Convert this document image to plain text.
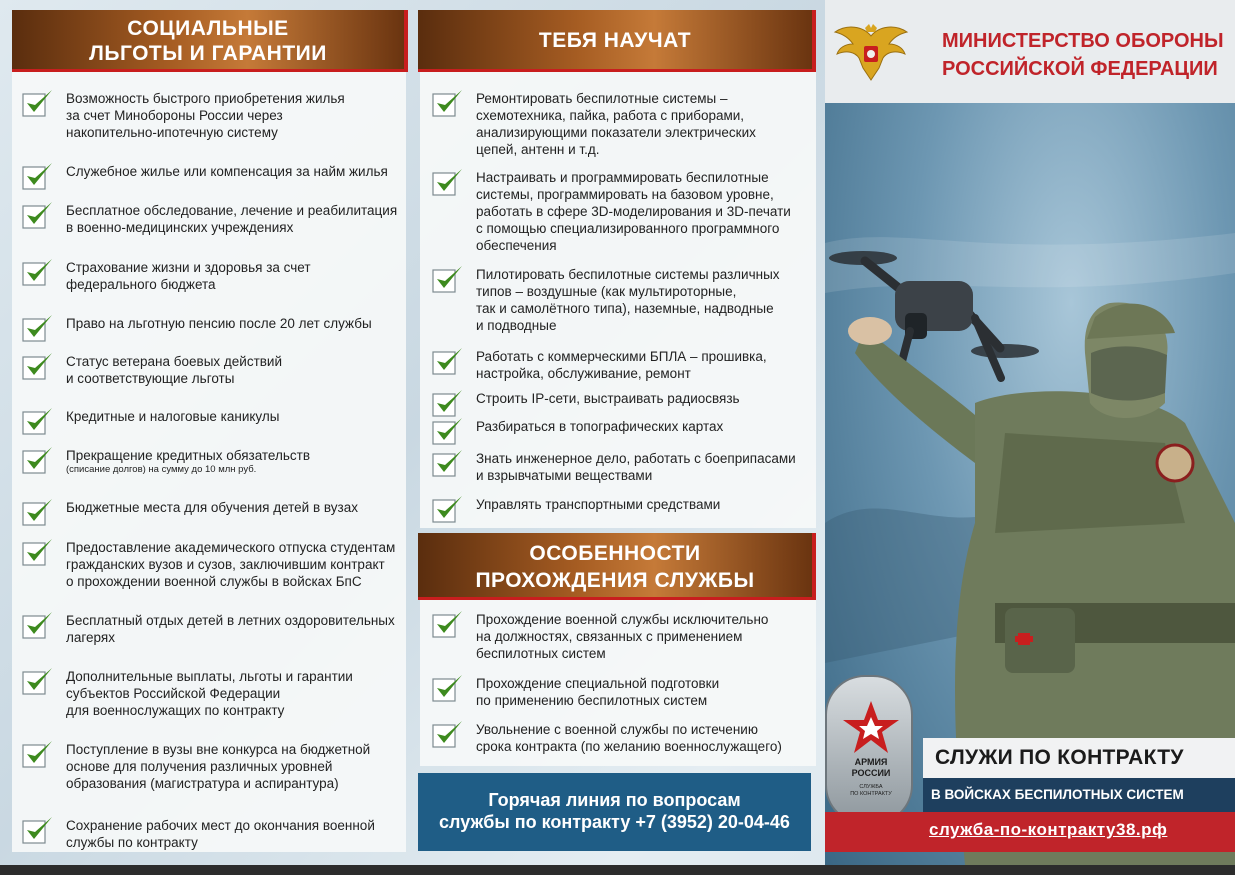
СОЦИАЛЬНЫЕ
ЛЬГОТЫ И ГАРАНТИИ
Возможность быстрого приобретения жилья
за счет Минобороны России через
накопительно-ипотечную систему
Служебное жилье или компенсация за найм жилья
Бесплатное обследование, лечение и реабилитация
в военно-медицинских учреждениях
Страхование жизни и здоровья за счет
федерального бюджета
Право на льготную пенсию после 20 лет службы
Статус ветерана боевых действий
и соответствующие льготы
Кредитные и налоговые каникулы
Прекращение кредитных обязательств
(списание долгов) на сумму до 10 млн руб.
Бюджетные места для обучения детей в вузах
Предоставление академического отпуска студентам
гражданских вузов и сузов, заключившим контракт
о прохождении военной службы в войсках БпС
Бесплатный отдых детей в летних оздоровительных
лагерях
Дополнительные выплаты, льготы и гарантии
субъектов Российской Федерации
для военнослужащих по контракту
Поступление в вузы вне конкурса на бюджетной
основе для получения различных уровней
образования (магистратура и аспирантура)
Сохранение рабочих мест до окончания военной
службы по контракту
ТЕБЯ НАУЧАТ
Ремонтировать беспилотные системы –
схемотехника, пайка, работа с приборами,
анализирующими показатели электрических
цепей, антенн и т.д.
Настраивать и программировать беспилотные
системы, программировать на базовом уровне,
работать в сфере 3D-моделирования и 3D-печати
с помощью специализированного программного
обеспечения
Пилотировать беспилотные системы различных
типов – воздушные (как мультироторные,
так и самолётного типа), наземные, надводные
и подводные
Работать с коммерческими БПЛА – прошивка,
настройка, обслуживание, ремонт
Строить IP-сети, выстраивать радиосвязь
Разбираться в топографических картах
Знать инженерное дело, работать с боеприпасами
и взрывчатыми веществами
Управлять транспортными средствами
ОСОБЕННОСТИ
ПРОХОЖДЕНИЯ СЛУЖБЫ
Прохождение военной службы исключительно
на должностях, связанных с применением
беспилотных систем
Прохождение специальной подготовки
по применению беспилотных систем
Увольнение с военной службы по истечению
срока контракта (по желанию военнослужащего)
Горячая линия по вопросам
службы по контракту +7 (3952) 20-04-46
МИНИСТЕРСТВО ОБОРОНЫ
РОССИЙСКОЙ ФЕДЕРАЦИИ
АРМИЯ
РОССИИ
СЛУЖБА
ПО КОНТРАКТУ
СЛУЖИ ПО КОНТРАКТУ
В ВОЙСКАХ БЕСПИЛОТНЫХ СИСТЕМ
служба-по-контракту38.рф
